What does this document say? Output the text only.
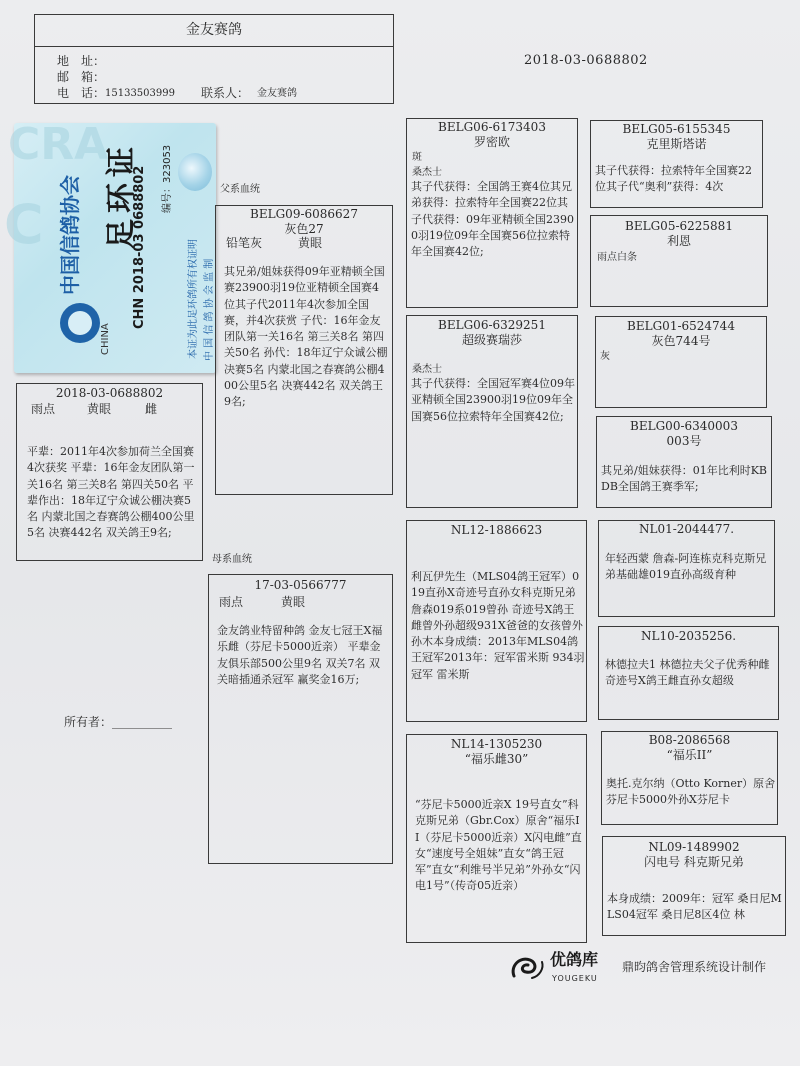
金友赛鸽
地　址：
邮　箱：
电　话： 15133503999 联系人： 金友赛鸽
2018-03-0688802
CRA
C 中国信鸽协会 足环证
CHINA
CHN 2018-03 0688802	编号：323053
本证为此足环鸽所有权证明 中 国 信 鸽 协 会 监 制
2018-03-0688802
雨点	黄眼	雌
平辈：2011年4次参加荷兰全国赛 4次获奖 平辈：16年金友团队第一关16名 第三关8名 第四关50名 平辈作出：18年辽宁众诚公棚决赛5名 内蒙北国之春赛鸽公棚400公里5名 决赛442名 双关鸽王9名;
所有者： __________
父系血统
母系血统
BELG09-6086627
灰色27
铅笔灰	黄眼
其兄弟/姐妹获得09年亚精顿全国赛23900羽19位亚精顿全国赛4位其子代2011年4次参加全国赛，并4次获赏 子代：16年金友团队第一关16名 第三关8名 第四关50名 孙代：18年辽宁众诚公棚决赛5名 内蒙北国之春赛鸽公棚400公里5名 决赛442名 双关鸽王9名;
17-03-0566777
雨点	黄眼
金友鸽业特留种鸽 金友七冠王X福乐雌（芬尼卡5000近亲） 平辈金友俱乐部500公里9名 双关7名 双关暗插通杀冠军 赢奖金16万;
BELG06-6173403
罗密欧
斑
桑杰士
其子代获得：全国鸽王赛4位其兄弟获得：拉索特年全国赛22位其子代获得：09年亚精顿全国23900羽19位09年全国赛56位拉索特年全国赛42位;
BELG06-6329251
超级赛瑞莎
桑杰士
其子代获得：全国冠军赛4位09年亚精顿全国23900羽19位09年全国赛56位拉索特年全国赛42位;
BELG05-6155345
克里斯塔诺
其子代获得：拉索特年全国赛22位其子代“奥利”获得：4次
BELG05-6225881
利恩
雨点白条
BELG01-6524744
灰色744号
灰
BELG00-6340003
003号
其兄弟/姐妹获得：01年比利时KBDB全国鸽王赛季军;
NL12-1886623
利瓦伊先生（MLS04鸽王冠军）019直孙X奇迹号直孙女科克斯兄弟 詹森019系019曾孙 奇迹号X鸽王雌曾外孙超级931X爸爸的女孩曾外孙木本身成绩：2013年MLS04鸽王冠军2013年：冠军雷米斯 934羽 冠军 雷米斯
NL14-1305230
“福乐雌30”
“芬尼卡5000近亲X 19号直女”科克斯兄弟（Gbr.Cox）原舍“福乐II（芬尼卡5000近亲）X闪电雌”直女“速度号全姐妹”直女“鸽王冠军”直女“利维号半兄弟”外孙女“闪电1号”（传奇05近亲）
NL01-2044477.
年轻西蒙 詹森-阿连栋克科克斯兄弟基础雄019直孙高级育种
NL10-2035256.
林德拉夫1 林德拉夫父子优秀种雌奇迹号X鸽王雌直孙女超级
B08-2086568
“福乐II”
奥托.克尔纳（Otto Korner）原舍芬尼卡5000外孙X芬尼卡
NL09-1489902
闪电号 科克斯兄弟
本身成绩：2009年：冠军 桑日尼MLS04冠军 桑日尼8区4位 林
优鸽库
YOUGEKU
鼎昀鸽舍管理系统设计制作
